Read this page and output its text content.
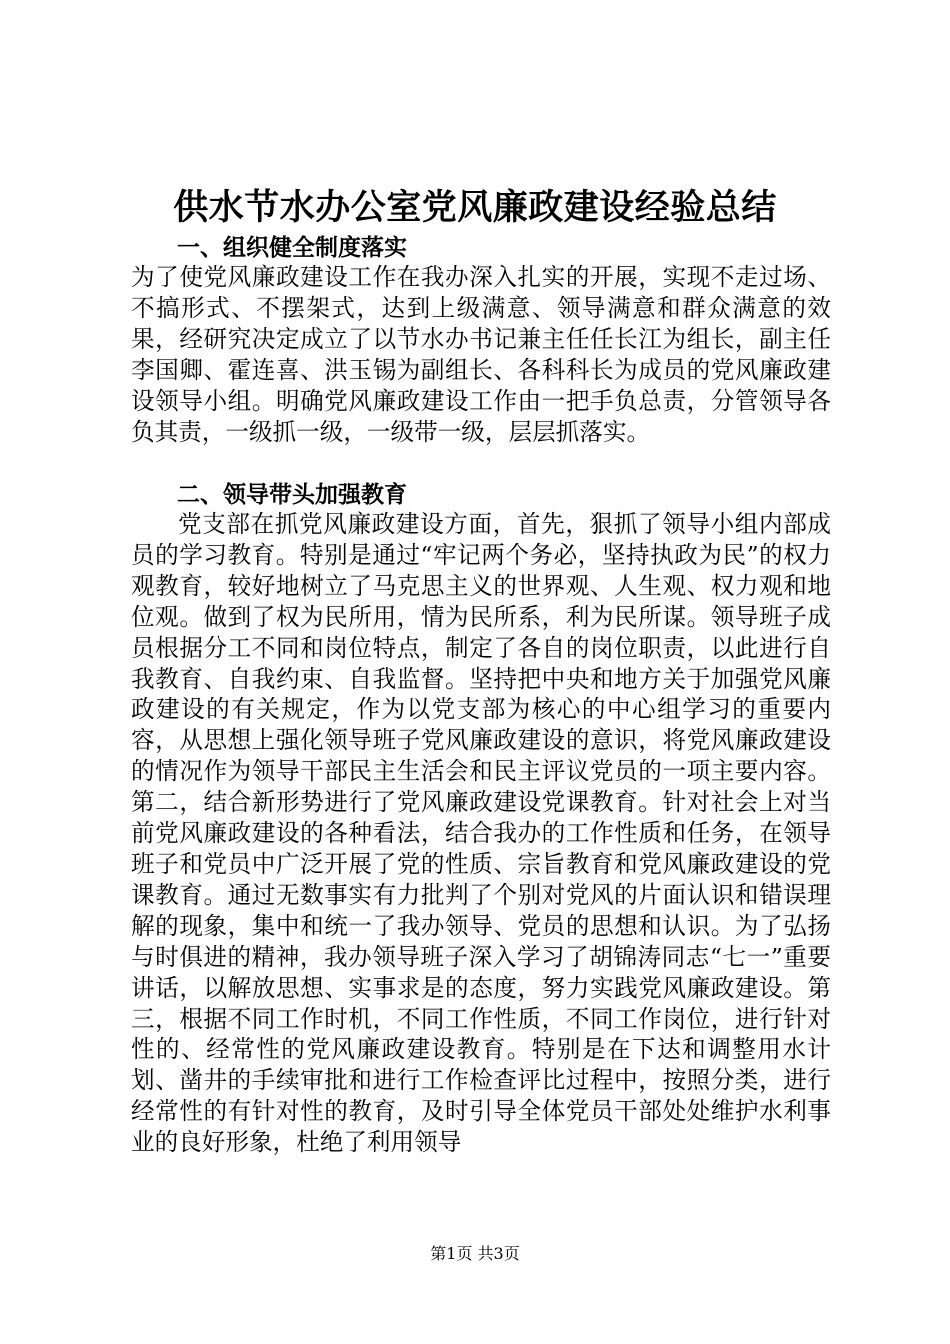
供水节水办公室党风廉政建设经验总结
一、组织健全制度落实

为了使党风廉政建设工作在我办深入扎实的开展，实现不走过场、不搞形式、不摆架式，达到上级满意、领导满意和群众满意的效果，经研究决定成立了以节水办书记兼主任任长江为组长，副主任李国卿、霍连喜、洪玉锡为副组长、各科科长为成员的党风廉政建设领导小组。明确党风廉政建设工作由一把手负总责，分管领导各负其责，一级抓一级，一级带一级，层层抓落实。

二、领导带头加强教育

党支部在抓党风廉政建设方面，首先，狠抓了领导小组内部成员的学习教育。特别是通过“牢记两个务必，坚持执政为民”的权力观教育，较好地树立了马克思主义的世界观、人生观、权力观和地位观。做到了权为民所用，情为民所系，利为民所谋。领导班子成员根据分工不同和岗位特点，制定了各自的岗位职责，以此进行自我教育、自我约束、自我监督。坚持把中央和地方关于加强党风廉政建设的有关规定，作为以党支部为核心的中心组学习的重要内容，从思想上强化领导班子党风廉政建设的意识，将党风廉政建设的情况作为领导干部民主生活会和民主评议党员的一项主要内容。第二，结合新形势进行了党风廉政建设党课教育。针对社会上对当前党风廉政建设的各种看法，结合我办的工作性质和任务，在领导班子和党员中广泛开展了党的性质、宗旨教育和党风廉政建设的党课教育。通过无数事实有力批判了个别对党风的片面认识和错误理解的现象，集中和统一了我办领导、党员的思想和认识。为了弘扬与时俱进的精神，我办领导班子深入学习了胡锦涛同志“七一”重要讲话，以解放思想、实事求是的态度，努力实践党风廉政建设。第三，根据不同工作时机，不同工作性质，不同工作岗位，进行针对性的、经常性的党风廉政建设教育。特别是在下达和调整用水计划、凿井的手续审批和进行工作检查评比过程中，按照分类，进行经常性的有针对性的教育，及时引导全体党员干部处处维护水利事业的良好形象，杜绝了利用领导

第1页 共3页
